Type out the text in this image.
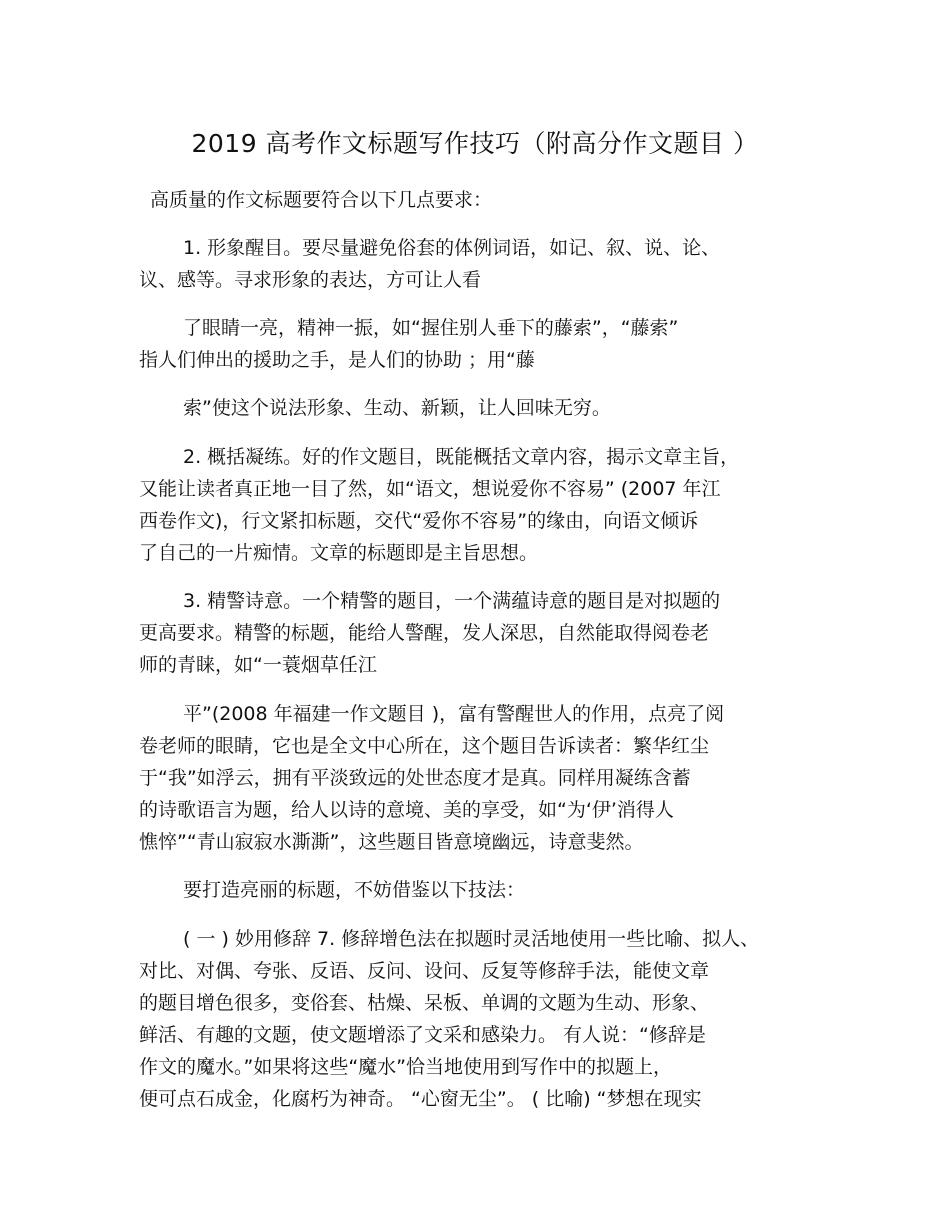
2019 高考作文标题写作技巧（附高分作文题目 ）
高质量的作文标题要符合以下几点要求：
1. 形象醒目。要尽量避免俗套的体例词语，如记、叙、说、论、
议、感等。寻求形象的表达，方可让人看
了眼睛一亮，精神一振，如“握住别人垂下的藤索”，“藤索”
指人们伸出的援助之手，是人们的协助 ；用“藤
索”使这个说法形象、生动、新颖，让人回味无穷。
2. 概括凝练。好的作文题目，既能概括文章内容，揭示文章主旨，
又能让读者真正地一目了然，如“语文，想说爱你不容易” (2007 年江
西卷作文)，行文紧扣标题，交代“爱你不容易”的缘由，向语文倾诉
了自己的一片痴情。文章的标题即是主旨思想。
3. 精警诗意。一个精警的题目，一个满蕴诗意的题目是对拟题的
更高要求。精警的标题，能给人警醒，发人深思，自然能取得阅卷老
师的青睐，如“一蓑烟草任江
平”(2008 年福建一作文题目 )，富有警醒世人的作用，点亮了阅
卷老师的眼睛，它也是全文中心所在，这个题目告诉读者：繁华红尘
于“我”如浮云，拥有平淡致远的处世态度才是真。同样用凝练含蓄
的诗歌语言为题，给人以诗的意境、美的享受，如“为‘伊’消得人
憔悴”“青山寂寂水澌澌”，这些题目皆意境幽远，诗意斐然。
要打造亮丽的标题，不妨借鉴以下技法：
( 一 ) 妙用修辞 7. 修辞增色法在拟题时灵活地使用一些比喻、拟人、
对比、对偶、夸张、反语、反问、设问、反复等修辞手法，能使文章
的题目增色很多，变俗套、枯燥、呆板、单调的文题为生动、形象、
鲜活、有趣的文题，使文题增添了文采和感染力。 有人说：“修辞是
作文的魔水。”如果将这些“魔水”恰当地使用到写作中的拟题上，
便可点石成金，化腐朽为神奇。 “心窗无尘”。 ( 比喻) “梦想在现实
